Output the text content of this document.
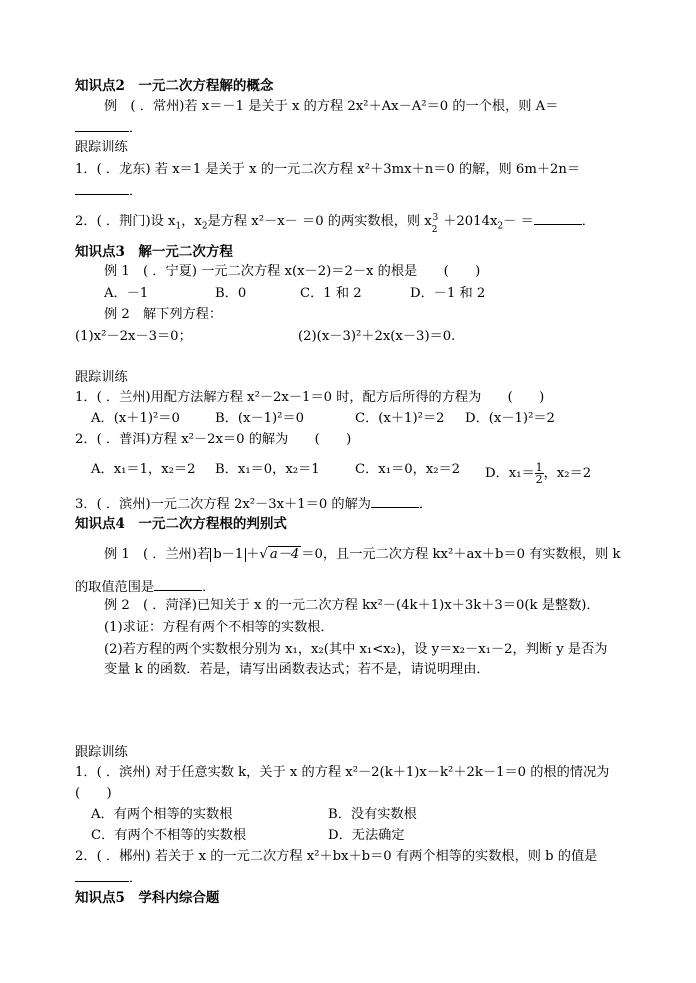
知识点2　一元二次方程解的概念
例　( ．常州)若 x＝－1 是关于 x 的方程 2x²＋Ax－A²＝0 的一个根，则 A＝
．
跟踪训练
1．( ．龙东) 若 x＝1 是关于 x 的一元二次方程 x²＋3mx＋n＝0 的解，则 6m＋2n＝
．
2．( ．荆门)设 $x_1$，$x_2$是方程 x²－x－ ＝0 的两实数根，则 $x_2^3 +2014x_2-$ ＝	．
知识点3　解一元二次方程
例 1　( ．宁夏) 一元二次方程 x(x－2)＝2－x 的根是　　(　　)
A．－1	B．0	C．1 和 2	D．－1 和 2
例 2　解下列方程：
(1)x²－2x－3＝0；	(2)(x－3)²＋2x(x－3)＝0.
跟踪训练
1．( ．兰州)用配方法解方程 x²－2x－1＝0 时，配方后所得的方程为　　(　　)
A．(x＋1)²＝0	B．(x－1)²＝0	C．(x＋1)²＝2 D．(x－1)²＝2
2．( ．普洱)方程 x²－2x＝0 的解为　　(　　)
A．x₁＝1，x₂＝2 B．x₁＝0，x₂＝1	C．x₁＝0，x₂＝2 D．$x_1= \frac{1}{2}$ ，x₂＝2
3．( ．滨州)一元二次方程 2x²－3x＋1＝0 的解为	．
知识点4　一元二次方程根的判别式
例 1　( ．兰州)若 b－1 ＋√ a－4 ＝0，且一元二次方程 kx²＋ax＋b＝0 有实数根，则 k
的取值范围是	．
例 2　( ．菏泽)已知关于 x 的一元二次方程 kx²－(4k＋1)x＋3k＋3＝0(k 是整数)．
(1)求证：方程有两个不相等的实数根．
(2)若方程的两个实数根分别为 x₁，x₂(其中 x₁<x₂)，设 y＝x₂－x₁－2，判断 y 是否为
变量 k 的函数．若是，请写出函数表达式；若不是，请说明理由．
跟踪训练
1．( ．滨州) 对于任意实数 k，关于 x 的方程 x²－2(k＋1)x－k²＋2k－1＝0 的根的情况为
(　　)
A．有两个相等的实数根	B．没有实数根
C．有两个不相等的实数根	D．无法确定
2．( ．郴州) 若关于 x 的一元二次方程 x²＋bx＋b＝0 有两个相等的实数根，则 b 的值是
．
知识点5　学科内综合题
